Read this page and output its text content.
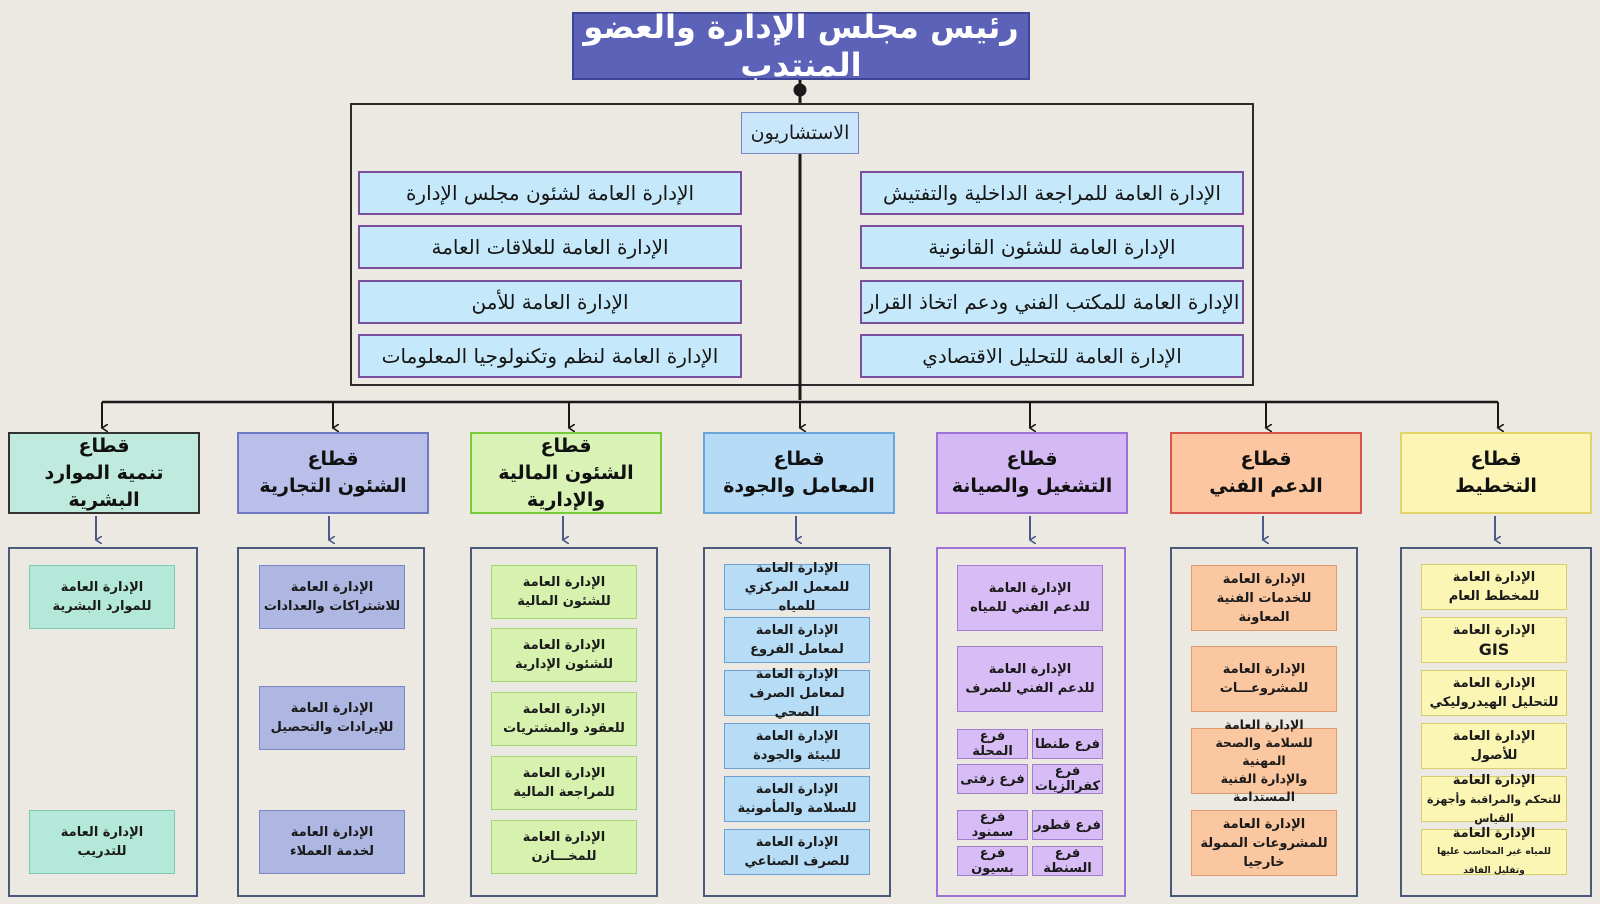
رئيس مجلس الإدارة والعضو المنتدب
الاستشاريون
الإدارة العامة لشئون مجلس الإدارة
الإدارة العامة للعلاقات العامة
الإدارة العامة للأمن
الإدارة العامة لنظم وتكنولوجيا المعلومات
الإدارة العامة للمراجعة الداخلية والتفتيش
الإدارة العامة للشئون القانونية
الإدارة العامة للمكتب الفني ودعم اتخاذ القرار
الإدارة العامة للتحليل الاقتصادي
قطاع
تنمية الموارد البشرية
قطاع
الشئون التجارية
قطاع
الشئون المالية والإدارية
قطاع
المعامل والجودة
قطاع
التشغيل والصيانة
قطاع
الدعم الفني
قطاع
التخطيط
الإدارة العامة
للموارد البشرية
الإدارة العامة
للتدريب
الإدارة العامة
للاشتراكات والعدادات
الإدارة العامة
للإيرادات والتحصيل
الإدارة العامة
لخدمة العملاء
الإدارة العامة
للشئون المالية
الإدارة العامة
للشئون الإدارية
الإدارة العامة
للعقود والمشتريات
الإدارة العامة
للمراجعة المالية
الإدارة العامة
للمخـــازن
الإدارة العامة
للمعمل المركزي للمياه
الإدارة العامة
لمعامل الفروع
الإدارة العامة
لمعامل الصرف الصحي
الإدارة العامة
للبيئة والجودة
الإدارة العامة
للسلامة والمأمونية
الإدارة العامة
للصرف الصناعي
الإدارة العامة
للدعم الفني للمياه
الإدارة العامة
للدعم الفني للصرف
فرع طنطا
فرع المحلة
فرع كفرالزيات
فرع زفتى
فرع قطور
فرع سمنود
فرع السنطة
فرع بسيون
الإدارة العامة
للخدمات الفنية المعاونة
الإدارة العامة
للمشروعـــات
الإدارة العامة
للسلامة والصحة المهنية
والإدارة الفنية المستدامة
الإدارة العامة
للمشروعات الممولة خارجيا
الإدارة العامة
للمخطط العام
الإدارة العامة
GIS
الإدارة العامة
للتحليل الهيدروليكي
الإدارة العامة
للأصول
الإدارة العامة
للتحكم والمراقبة وأجهزة القياس
الإدارة العامة
للمياه غير المحاسب عليها وتقليل الفاقد
